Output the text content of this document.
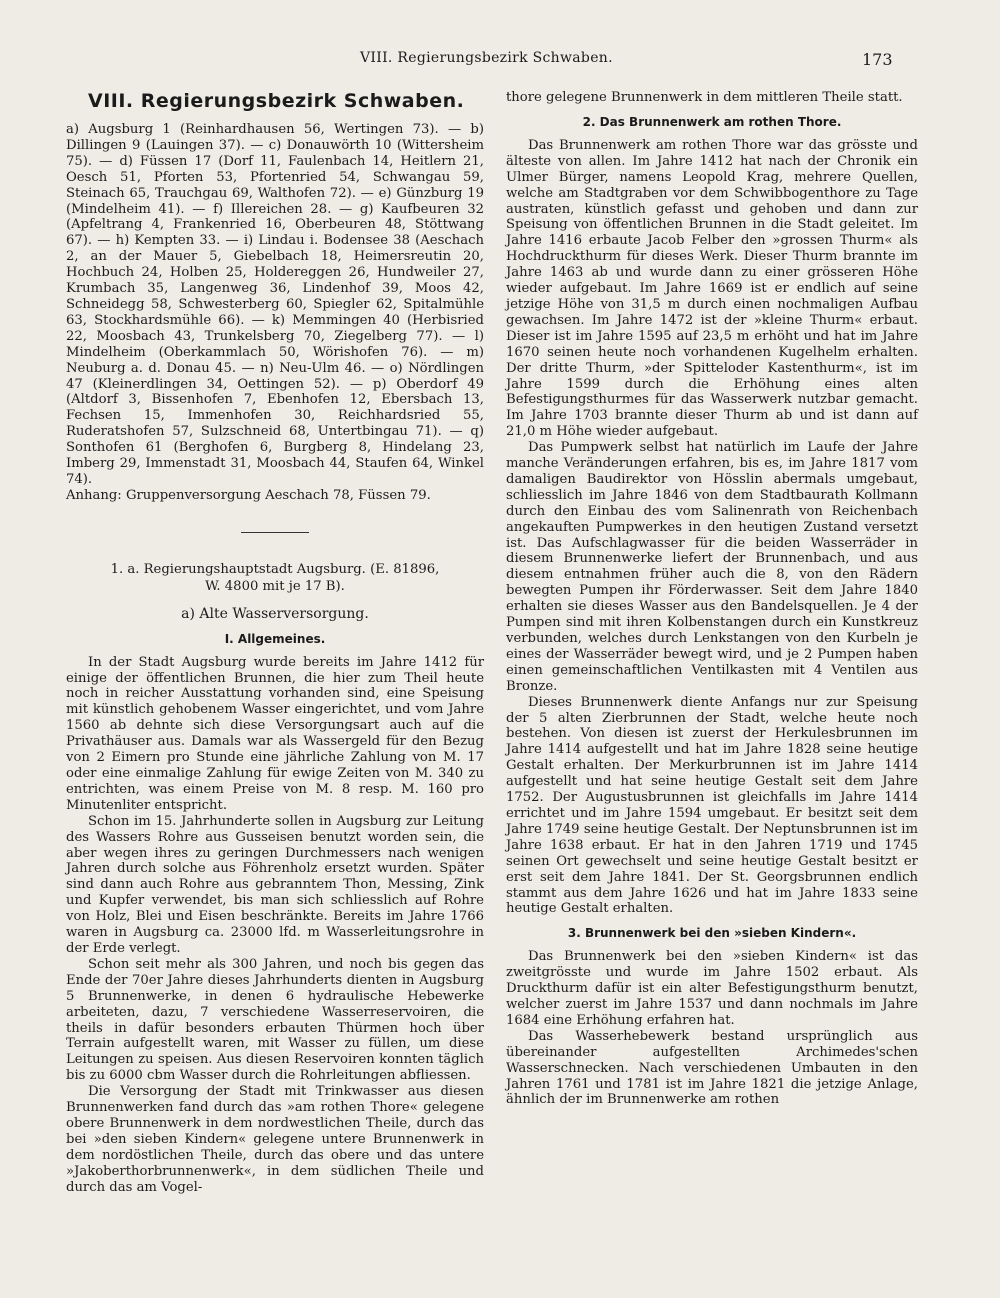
VIII. Regierungsbezirk Schwaben.	173
VIII. Regierungsbezirk Schwaben.

a) Augsburg 1 (Reinhardhausen 56, Wertingen 73). — b) Dillingen 9 (Lauingen 37). — c) Donauwörth 10 (Wittersheim 75). — d) Füssen 17 (Dorf 11, Faulenbach 14, Heitlern 21, Oesch 51, Pforten 53, Pfortenried 54, Schwangau 59, Steinach 65, Trauchgau 69, Walthofen 72). — e) Günzburg 19 (Mindelheim 41). — f) Illereichen 28. — g) Kaufbeuren 32 (Apfeltrang 4, Frankenried 16, Oberbeuren 48, Stöttwang 67). — h) Kempten 33. — i) Lindau i. Bodensee 38 (Aeschach 2, an der Mauer 5, Giebelbach 18, Heimersreutin 20, Hochbuch 24, Holben 25, Holdereggen 26, Hundweiler 27, Krumbach 35, Langenweg 36, Lindenhof 39, Moos 42, Schneidegg 58, Schwesterberg 60, Spiegler 62, Spitalmühle 63, Stockhardsmühle 66). — k) Memmingen 40 (Herbisried 22, Moosbach 43, Trunkelsberg 70, Ziegelberg 77). — l) Mindelheim (Oberkammlach 50, Wörishofen 76). — m) Neuburg a. d. Donau 45. — n) Neu-Ulm 46. — o) Nördlingen 47 (Kleinerdlingen 34, Oettingen 52). — p) Oberdorf 49 (Altdorf 3, Bissenhofen 7, Ebenhofen 12, Ebersbach 13, Fechsen 15, Immenhofen 30, Reichhardsried 55, Ruderatshofen 57, Sulzschneid 68, Untertbingau 71). — q) Sonthofen 61 (Berghofen 6, Burgberg 8, Hindelang 23, Imberg 29, Immenstadt 31, Moosbach 44, Staufen 64, Winkel 74).

Anhang: Gruppenversorgung Aeschach 78, Füssen 79.

1. a. Regierungshauptstadt Augsburg. (E. 81896,

W. 4800 mit je 17 B).

a) Alte Wasserversorgung.
I. Allgemeines.

In der Stadt Augsburg wurde bereits im Jahre 1412 für einige der öffentlichen Brunnen, die hier zum Theil heute noch in reicher Ausstattung vorhanden sind, eine Speisung mit künstlich gehobenem Wasser eingerichtet, und vom Jahre 1560 ab dehnte sich diese Versorgungsart auch auf die Privathäuser aus. Damals war als Wassergeld für den Bezug von 2 Eimern pro Stunde eine jährliche Zahlung von M. 17 oder eine einmalige Zahlung für ewige Zeiten von M. 340 zu entrichten, was einem Preise von M. 8 resp. M. 160 pro Minutenliter entspricht.

Schon im 15. Jahrhunderte sollen in Augsburg zur Leitung des Wassers Rohre aus Gusseisen benutzt worden sein, die aber wegen ihres zu geringen Durchmessers nach wenigen Jahren durch solche aus Föhrenholz ersetzt wurden. Später sind dann auch Rohre aus gebranntem Thon, Messing, Zink und Kupfer verwendet, bis man sich schliesslich auf Rohre von Holz, Blei und Eisen beschränkte. Bereits im Jahre 1766 waren in Augsburg ca. 23000 lfd. m Wasserleitungsrohre in der Erde verlegt.

Schon seit mehr als 300 Jahren, und noch bis gegen das Ende der 70er Jahre dieses Jahrhunderts dienten in Augsburg 5 Brunnenwerke, in denen 6 hydraulische Hebewerke arbeiteten, dazu, 7 verschiedene Wasserreservoiren, die theils in dafür besonders erbauten Thürmen hoch über Terrain aufgestellt waren, mit Wasser zu füllen, um diese Leitungen zu speisen. Aus diesen Reservoiren konnten täglich bis zu 6000 cbm Wasser durch die Rohrleitungen abfliessen.

Die Versorgung der Stadt mit Trinkwasser aus diesen Brunnenwerken fand durch das »am rothen Thore« gelegene obere Brunnenwerk in dem nordwestlichen Theile, durch das bei »den sieben Kindern« gelegene untere Brunnenwerk in dem nordöstlichen Theile, durch das obere und das untere »Jakoberthorbrunnenwerk«, in dem südlichen Theile und durch das am Vogel-

thore gelegene Brunnenwerk in dem mittleren Theile statt.

2. Das Brunnenwerk am rothen Thore.

Das Brunnenwerk am rothen Thore war das grösste und älteste von allen. Im Jahre 1412 hat nach der Chronik ein Ulmer Bürger, namens Leopold Krag, mehrere Quellen, welche am Stadtgraben vor dem Schwibbogenthore zu Tage austraten, künstlich gefasst und gehoben und dann zur Speisung von öffentlichen Brunnen in die Stadt geleitet. Im Jahre 1416 erbaute Jacob Felber den »grossen Thurm« als Hochdruckthurm für dieses Werk. Dieser Thurm brannte im Jahre 1463 ab und wurde dann zu einer grösseren Höhe wieder aufgebaut. Im Jahre 1669 ist er endlich auf seine jetzige Höhe von 31,5 m durch einen nochmaligen Aufbau gewachsen. Im Jahre 1472 ist der »kleine Thurm« erbaut. Dieser ist im Jahre 1595 auf 23,5 m erhöht und hat im Jahre 1670 seinen heute noch vorhandenen Kugelhelm erhalten. Der dritte Thurm, »der Spitteloder Kastenthurm«, ist im Jahre 1599 durch die Erhöhung eines alten Befestigungsthurmes für das Wasserwerk nutzbar gemacht. Im Jahre 1703 brannte dieser Thurm ab und ist dann auf 21,0 m Höhe wieder aufgebaut.

Das Pumpwerk selbst hat natürlich im Laufe der Jahre manche Veränderungen erfahren, bis es, im Jahre 1817 vom damaligen Baudirektor von Hösslin abermals umgebaut, schliesslich im Jahre 1846 von dem Stadtbaurath Kollmann durch den Einbau des vom Salinenrath von Reichenbach angekauften Pumpwerkes in den heutigen Zustand versetzt ist. Das Aufschlagwasser für die beiden Wasserräder in diesem Brunnenwerke liefert der Brunnenbach, und aus diesem entnahmen früher auch die 8, von den Rädern bewegten Pumpen ihr Förderwasser. Seit dem Jahre 1840 erhalten sie dieses Wasser aus den Bandelsquellen. Je 4 der Pumpen sind mit ihren Kolbenstangen durch ein Kunstkreuz verbunden, welches durch Lenkstangen von den Kurbeln je eines der Wasserräder bewegt wird, und je 2 Pumpen haben einen gemeinschaftlichen Ventilkasten mit 4 Ventilen aus Bronze.

Dieses Brunnenwerk diente Anfangs nur zur Speisung der 5 alten Zierbrunnen der Stadt, welche heute noch bestehen. Von diesen ist zuerst der Herkulesbrunnen im Jahre 1414 aufgestellt und hat im Jahre 1828 seine heutige Gestalt erhalten. Der Merkurbrunnen ist im Jahre 1414 aufgestellt und hat seine heutige Gestalt seit dem Jahre 1752. Der Augustusbrunnen ist gleichfalls im Jahre 1414 errichtet und im Jahre 1594 umgebaut. Er besitzt seit dem Jahre 1749 seine heutige Gestalt. Der Neptunsbrunnen ist im Jahre 1638 erbaut. Er hat in den Jahren 1719 und 1745 seinen Ort gewechselt und seine heutige Gestalt besitzt er erst seit dem Jahre 1841. Der St. Georgsbrunnen endlich stammt aus dem Jahre 1626 und hat im Jahre 1833 seine heutige Gestalt erhalten.

3. Brunnenwerk bei den »sieben Kindern«.

Das Brunnenwerk bei den »sieben Kindern« ist das zweitgrösste und wurde im Jahre 1502 erbaut. Als Druckthurm dafür ist ein alter Befestigungsthurm benutzt, welcher zuerst im Jahre 1537 und dann nochmals im Jahre 1684 eine Erhöhung erfahren hat.

Das Wasserhebewerk bestand ursprünglich aus übereinander aufgestellten Archimedes'schen Wasserschnecken. Nach verschiedenen Umbauten in den Jahren 1761 und 1781 ist im Jahre 1821 die jetzige Anlage, ähnlich der im Brunnenwerke am rothen
